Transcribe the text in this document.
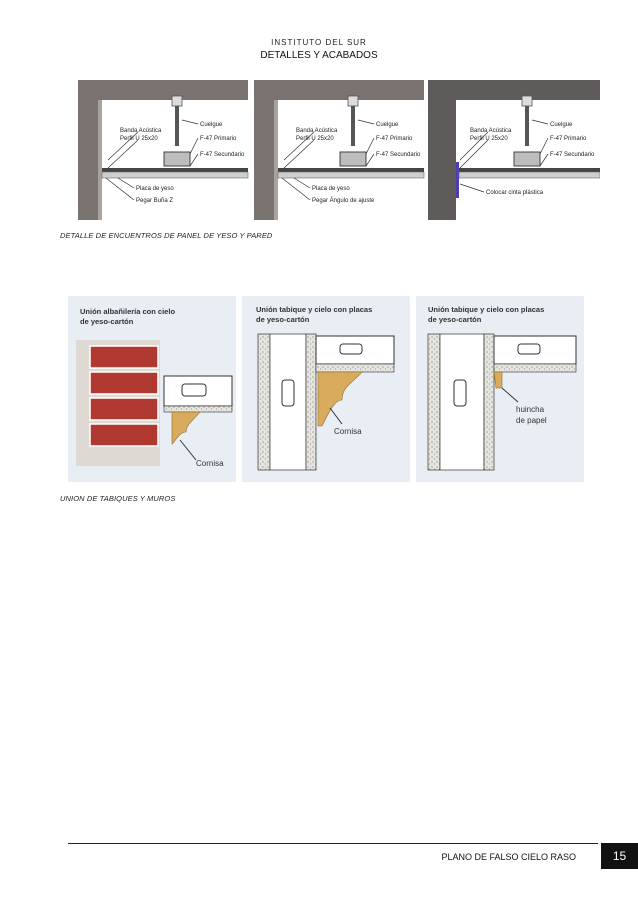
INSTITUTO DEL SUR
DETALLES Y ACABADOS
Banda Acústica
Perfil U 25x20
Cuelgue
F-47 Primario
F-47 Secundario
Placa de yeso
Pegar Buña Z
Banda Acústica
Perfil U 25x20
Cuelgue
F-47 Primario
F-47 Secundario
Placa de yeso
Pegar Ángulo de ajuste
Banda Acústica
Perfil U 25x20
Cuelgue
F-47 Primario
F-47 Secundario
Colocar cinta plástica
DETALLE DE ENCUENTROS DE PANEL DE YESO Y PARED
Unión albañilería con cielo
de yeso-cartón
Cornisa
Unión tabique y cielo con placas
de yeso-cartón
Cornisa
Unión tabique y cielo con placas
de yeso-cartón
huincha
de papel
UNION DE TABIQUES Y MUROS
PLANO DE FALSO CIELO RASO	15
